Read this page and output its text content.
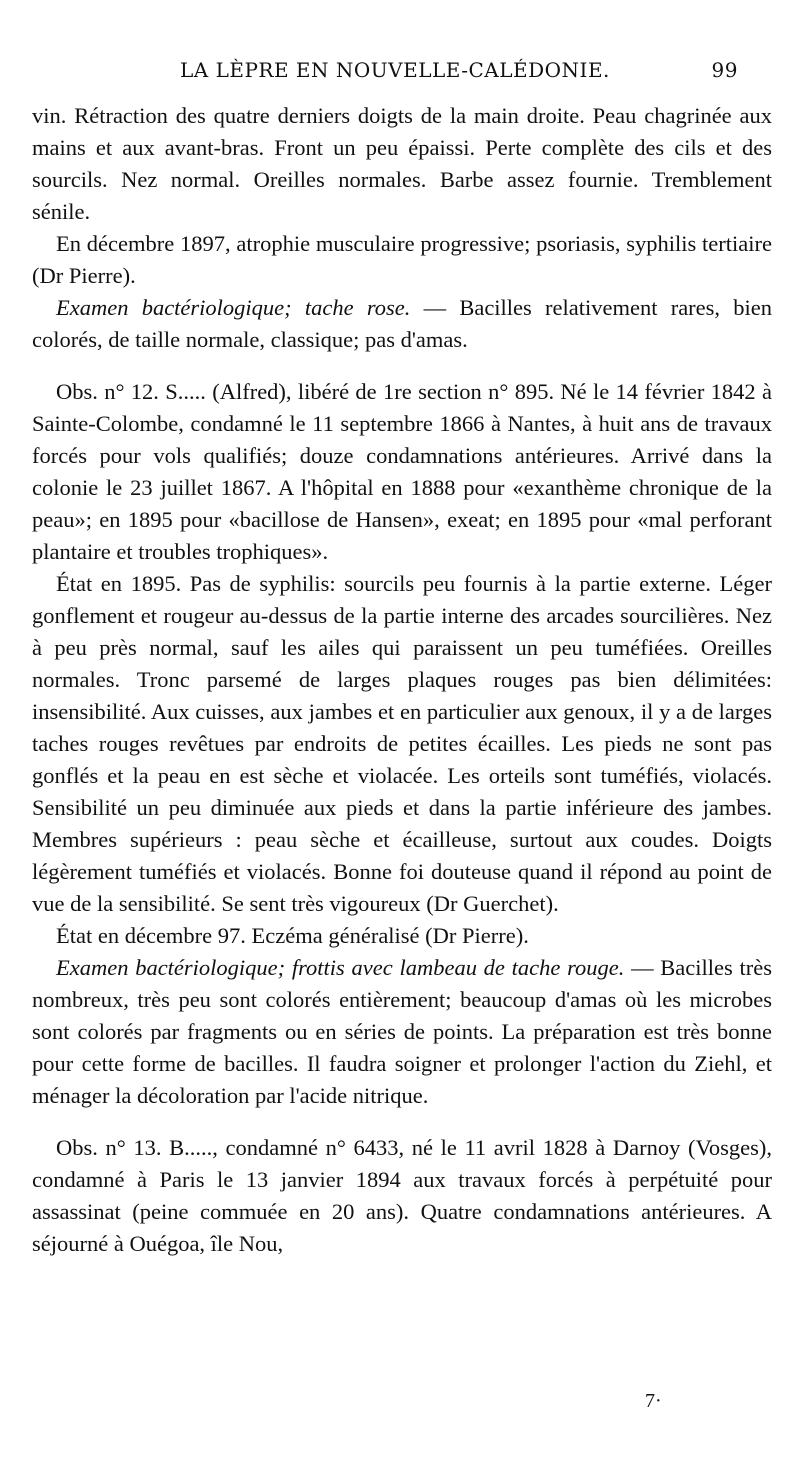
LA LÈPRE EN NOUVELLE-CALÉDONIE.	99

vin. Rétraction des quatre derniers doigts de la main droite. Peau chagrinée aux mains et aux avant-bras. Front un peu épaissi. Perte complète des cils et des sourcils. Nez normal. Oreilles normales. Barbe assez fournie. Tremblement sénile.

En décembre 1897, atrophie musculaire progressive; psoriasis, syphilis tertiaire (Dr Pierre).

Examen bactériologique; tache rose. — Bacilles relativement rares, bien colorés, de taille normale, classique; pas d'amas.

Obs. n° 12. S..... (Alfred), libéré de 1re section n° 895. Né le 14 février 1842 à Sainte-Colombe, condamné le 11 septembre 1866 à Nantes, à huit ans de travaux forcés pour vols qualifiés; douze condamnations antérieures. Arrivé dans la colonie le 23 juillet 1867. A l'hôpital en 1888 pour «exanthème chronique de la peau»; en 1895 pour «bacillose de Hansen», exeat; en 1895 pour «mal perforant plantaire et troubles trophiques».

État en 1895. Pas de syphilis: sourcils peu fournis à la partie externe. Léger gonflement et rougeur au-dessus de la partie interne des arcades sourcilières. Nez à peu près normal, sauf les ailes qui paraissent un peu tuméfiées. Oreilles normales. Tronc parsemé de larges plaques rouges pas bien délimitées: insensibilité. Aux cuisses, aux jambes et en particulier aux genoux, il y a de larges taches rouges revêtues par endroits de petites écailles. Les pieds ne sont pas gonflés et la peau en est sèche et violacée. Les orteils sont tuméfiés, violacés. Sensibilité un peu diminuée aux pieds et dans la partie inférieure des jambes. Membres supérieurs : peau sèche et écailleuse, surtout aux coudes. Doigts légèrement tuméfiés et violacés. Bonne foi douteuse quand il répond au point de vue de la sensibilité. Se sent très vigoureux (Dr Guerchet).

État en décembre 97. Eczéma généralisé (Dr Pierre).

Examen bactériologique; frottis avec lambeau de tache rouge. — Bacilles très nombreux, très peu sont colorés entièrement; beaucoup d'amas où les microbes sont colorés par fragments ou en séries de points. La préparation est très bonne pour cette forme de bacilles. Il faudra soigner et prolonger l'action du Ziehl, et ménager la décoloration par l'acide nitrique.

Obs. n° 13. B....., condamné n° 6433, né le 11 avril 1828 à Darnoy (Vosges), condamné à Paris le 13 janvier 1894 aux travaux forcés à perpétuité pour assassinat (peine commuée en 20 ans). Quatre condamnations antérieures. A séjourné à Ouégoa, île Nou,

7·
